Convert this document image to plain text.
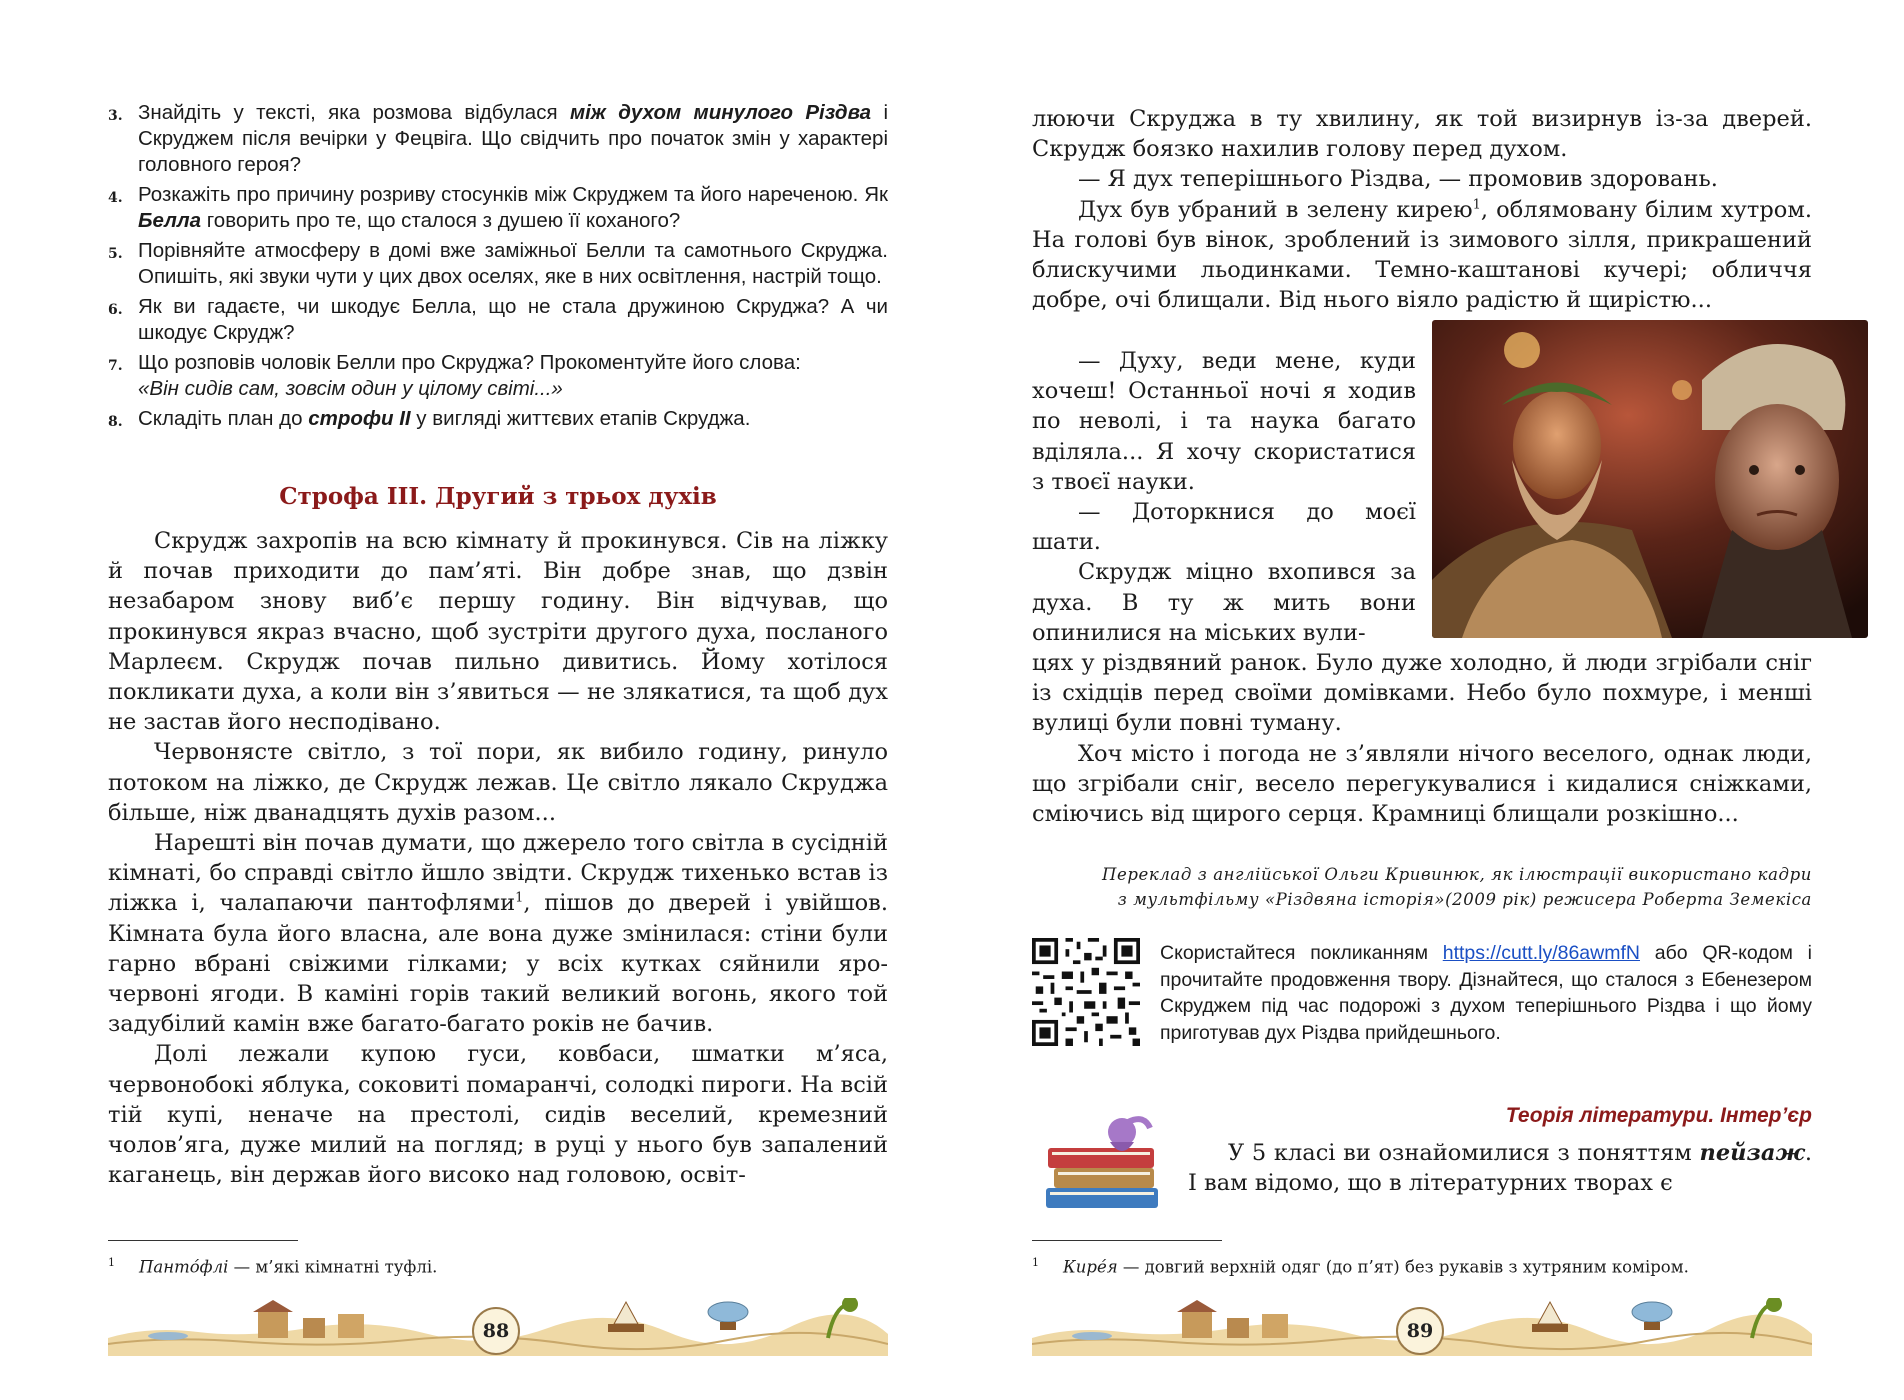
3. Знайдіть у тексті, яка розмова відбулася між духом минулого Різдва і Скруджем після вечірки у Фецвіга. Що свідчить про початок змін у характері головного героя?
4. Розкажіть про причину розриву стосунків між Скруджем та його нареченою. Як Белла говорить про те, що сталося з душею її коханого?
5. Порівняйте атмосферу в домі вже заміжньої Белли та самотнього Скруджа. Опишіть, які звуки чути у цих двох оселях, яке в них освітлення, настрій тощо.
6. Як ви гадаєте, чи шкодує Белла, що не стала дружиною Скруджа? А чи шкодує Скрудж?
7. Що розповів чоловік Белли про Скруджа? Прокоментуйте його слова:
«Він сидів сам, зовсім один у цілому світі...»
8. Складіть план до строфи II у вигляді життєвих етапів Скруджа.
Строфа III. Другий з трьох духів

Скрудж захропів на всю кімнату й прокинувся. Сів на ліжку й почав приходити до пам’яті. Він добре знав, що дзвін незабаром знову виб’є першу годину. Він відчував, що прокинувся якраз вчасно, щоб зустріти другого духа, посланого Марлеєм. Скрудж почав пильно дивитись. Йому хотілося покликати духа, а коли він з’явиться — не злякатися, та щоб дух не застав його несподівано.

Червонясте світло, з тої пори, як вибило годину, ринуло потоком на ліжко, де Скрудж лежав. Це світло лякало Скруджа більше, ніж дванадцять духів разом...

Нарешті він почав думати, що джерело того світла в сусідній кімнаті, бо справді світло йшло звідти. Скрудж тихенько встав із ліжка і, чалапаючи пантофлями$^1$, пішов до дверей і увійшов. Кімната була його власна, але вона дуже змінилася: стіни були гарно вбрані свіжими гілками; у всіх кутках сяйнили яро-червоні ягоди. В каміні горів такий великий вогонь, якого той задубілий камін вже багато-багато років не бачив.

Долі лежали купою гуси, ковбаси, шматки м’яса, червонобокі яблука, соковиті помаранчі, солодкі пироги. На всій тій купі, неначе на престолі, сидів веселий, кремезний чолов’яга, дуже милий на погляд; в руці у нього був запалений каганець, він держав його високо над головою, освіт-

$^1$ Панто́флі — м’які кімнатні туфлі.
88

люючи Скруджа в ту хвилину, як той визирнув із-за дверей. Скрудж боязко нахилив голову перед духом.

— Я дух теперішнього Різдва, — промовив здоровань.

Дух був убраний в зелену кирею$^1$, облямовану білим хутром. На голові був вінок, зроблений із зимового зілля, прикрашений блискучими льодинками. Темно-каштанові кучері; обличчя добре, очі блищали. Від нього віяло радістю й щирістю...

— Духу, веди мене, куди хочеш! Останньої ночі я ходив по неволі, і та наука багато вділяла... Я хочу скористатися з твоєї науки.

— Доторкнися до моєї шати.

Скрудж міцно вхопився за духа. В ту ж мить вони опинилися на міських вули-

цях у різдвяний ранок. Було дуже холодно, й люди згрібали сніг із східців перед своїми домівками. Небо було похмуре, і менші вулиці були повні туману.

Хоч місто і погода не з’являли нічого веселого, однак люди, що згрібали сніг, весело перегукувалися і кидалися сніжками, сміючись від щирого серця. Крамниці блищали розкішно...

Переклад з англійської Ольги Кривинюк, як ілюстрації використано кадри
з мультфільму «Різдвяна історія»(2009 рік) режисера Роберта Земекіса
Скористайтеся покликанням https://cutt.ly/86awmfN або QR-кодом і прочитайте продовження твору. Дізнайтеся, що сталося з Ебенезером Скруджем під час подорожі з духом теперішнього Різдва і що йому приготував дух Різдва прийдешнього.
Теорія літератури. Інтер’єр

У 5 класі ви ознайомилися з поняттям пейзаж. І вам відомо, що в літературних творах є

$^1$ Кире́я — довгий верхній одяг (до п’ят) без рукавів з хутряним коміром.
89
